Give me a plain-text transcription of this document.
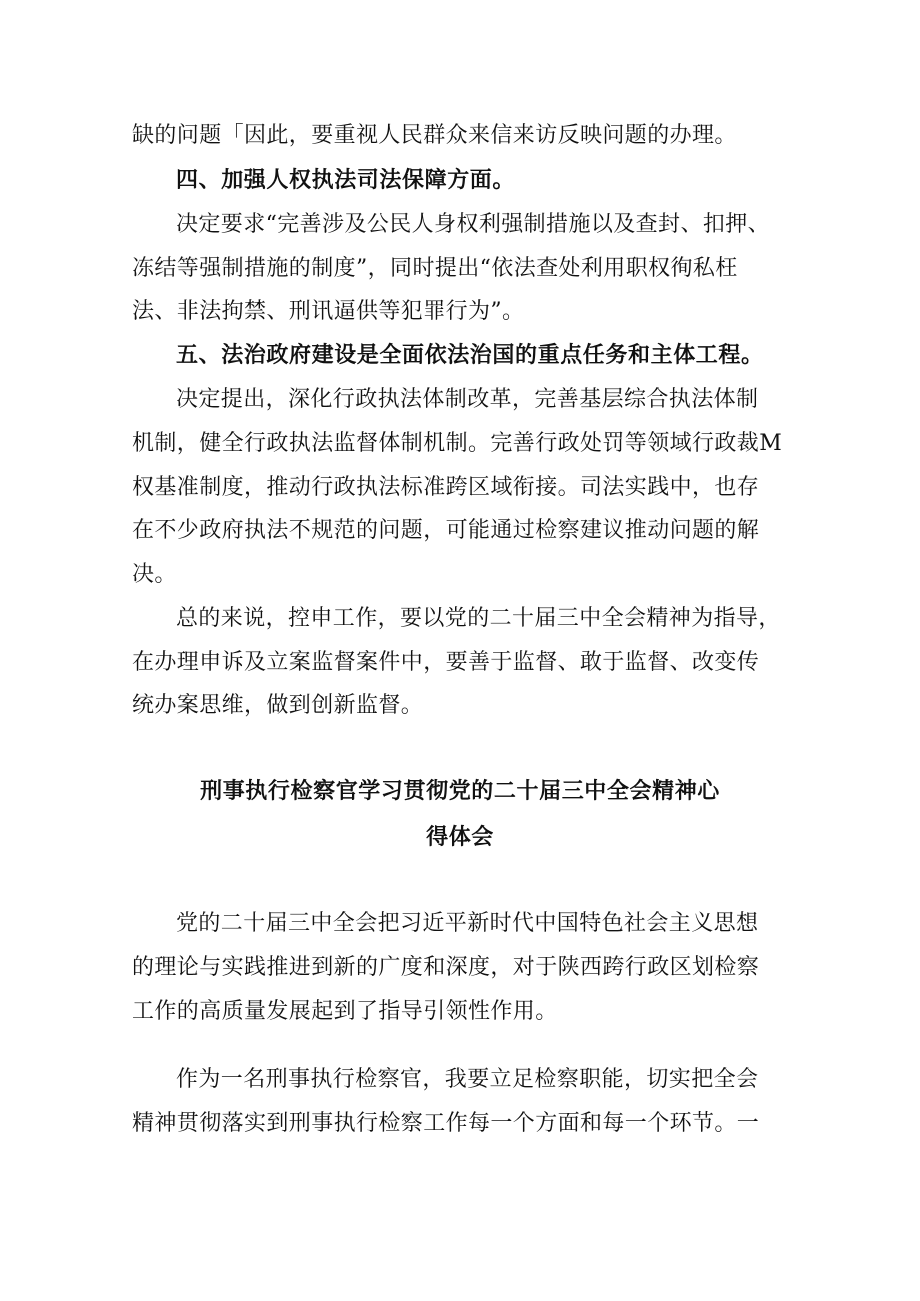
缺的问题「因此，要重视人民群众来信来访反映问题的办理。
四、加强人权执法司法保障方面。
决定要求“完善涉及公民人身权利强制措施以及查封、扣押、
冻结等强制措施的制度”，同时提出“依法查处利用职权徇私枉
法、非法拘禁、刑讯逼供等犯罪行为”。
五、法治政府建设是全面依法治国的重点任务和主体工程。
决定提出，深化行政执法体制改革，完善基层综合执法体制
机制，健全行政执法监督体制机制。完善行政处罚等领域行政裁M
权基准制度，推动行政执法标准跨区域衔接。司法实践中，也存
在不少政府执法不规范的问题，可能通过检察建议推动问题的解
决。
总的来说，控申工作，要以党的二十届三中全会精神为指导，
在办理申诉及立案监督案件中，要善于监督、敢于监督、改变传
统办案思维，做到创新监督。
刑事执行检察官学习贯彻党的二十届三中全会精神心
得体会
党的二十届三中全会把习近平新时代中国特色社会主义思想
的理论与实践推进到新的广度和深度，对于陕西跨行政区划检察
工作的高质量发展起到了指导引领性作用。
作为一名刑事执行检察官，我要立足检察职能，切实把全会
精神贯彻落实到刑事执行检察工作每一个方面和每一个环节。一
